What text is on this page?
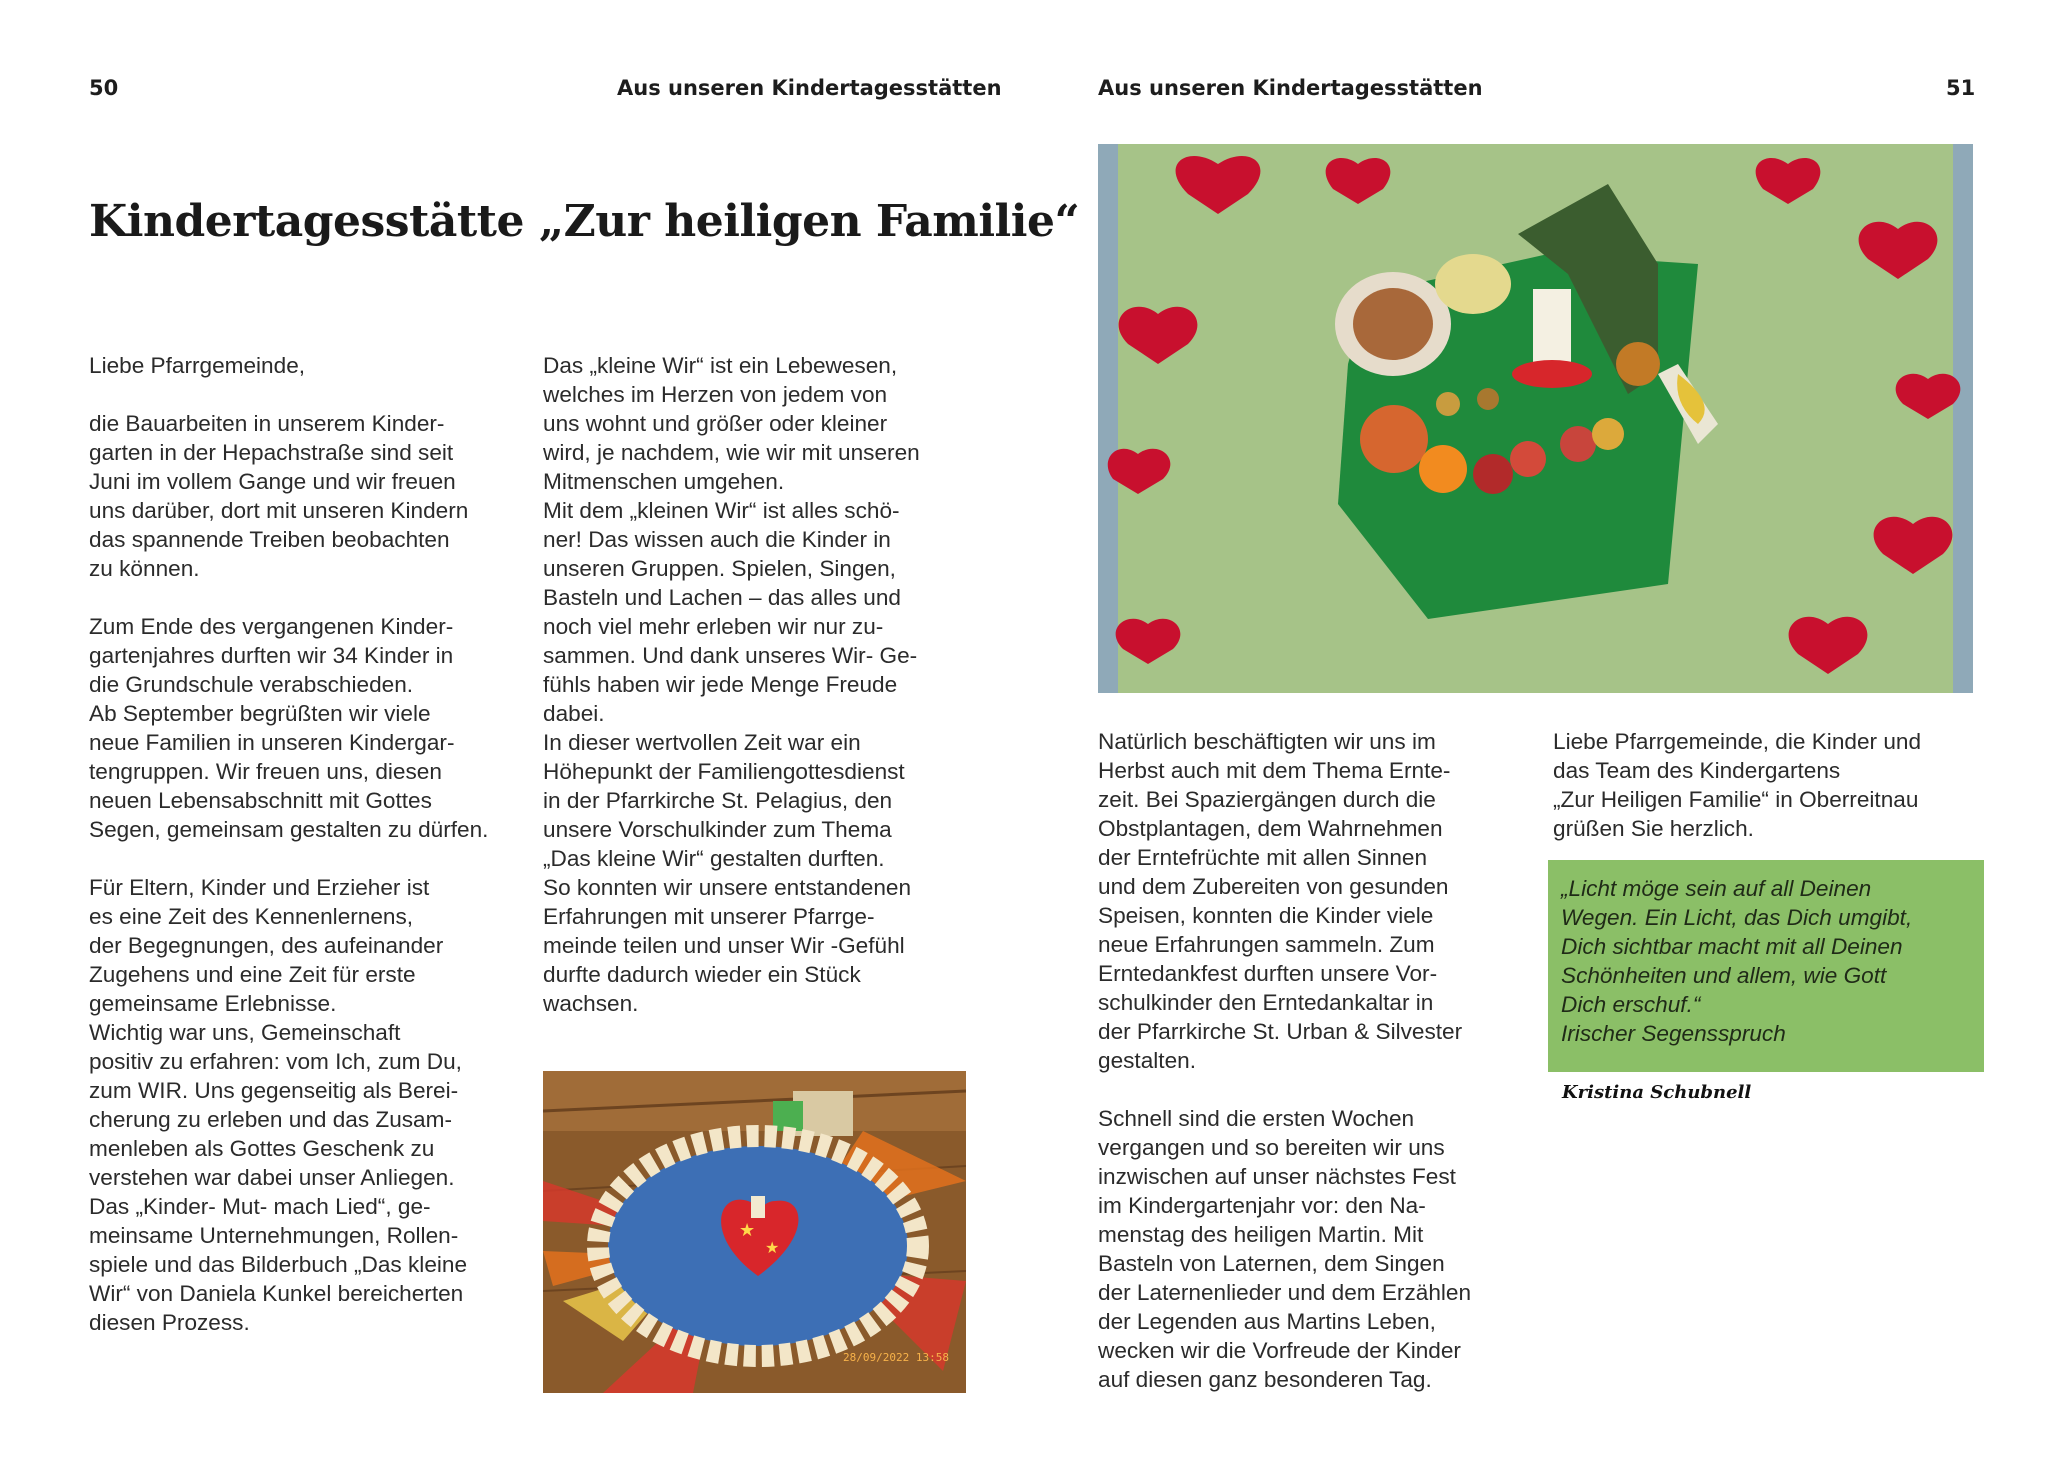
50	Aus unseren Kindertagesstätten	Aus unseren Kindertagesstätten	51
Kindertagesstätte „Zur heiligen Familie“

Liebe Pfarrgemeinde,

die Bauarbeiten in unserem Kinder-

garten in der Hepachstraße sind seit

Juni im vollem Gange und wir freuen

uns darüber, dort mit unseren Kindern

das spannende Treiben beobachten

zu können.

Zum Ende des vergangenen Kinder-

gartenjahres durften wir 34 Kinder in

die Grundschule verabschieden.

Ab September begrüßten wir viele

neue Familien in unseren Kindergar-

tengruppen. Wir freuen uns, diesen

neuen Lebensabschnitt mit Gottes

Segen, gemeinsam gestalten zu dürfen.

Für Eltern, Kinder und Erzieher ist

es eine Zeit des Kennenlernens,

der Begegnungen, des aufeinander

Zugehens und eine Zeit für erste

gemeinsame Erlebnisse.

Wichtig war uns, Gemeinschaft

positiv zu erfahren: vom Ich, zum Du,

zum WIR. Uns gegenseitig als Berei-

cherung zu erleben und das Zusam-

menleben als Gottes Geschenk zu

verstehen war dabei unser Anliegen.

Das „Kinder- Mut- mach Lied“, ge-

meinsame Unternehmungen, Rollen-

spiele und das Bilderbuch „Das kleine

Wir“ von Daniela Kunkel bereicherten

diesen Prozess.

Das „kleine Wir“ ist ein Lebewesen,

welches im Herzen von jedem von

uns wohnt und größer oder kleiner

wird, je nachdem, wie wir mit unseren

Mitmenschen umgehen.

Mit dem „kleinen Wir“ ist alles schö-

ner! Das wissen auch die Kinder in

unseren Gruppen. Spielen, Singen,

Basteln und Lachen – das alles und

noch viel mehr erleben wir nur zu-

sammen. Und dank unseres Wir- Ge-

fühls haben wir jede Menge Freude

dabei.

In dieser wertvollen Zeit war ein

Höhepunkt der Familiengottesdienst

in der Pfarrkirche St. Pelagius, den

unsere Vorschulkinder zum Thema

„Das kleine Wir“ gestalten durften.

So konnten wir unsere entstandenen

Erfahrungen mit unserer Pfarrge-

meinde teilen und unser Wir -Gefühl

durfte dadurch wieder ein Stück

wachsen.

★
★
28/09/2022 13:58

Natürlich beschäftigten wir uns im

Herbst auch mit dem Thema Ernte-

zeit. Bei Spaziergängen durch die

Obstplantagen, dem Wahrnehmen

der Erntefrüchte mit allen Sinnen

und dem Zubereiten von gesunden

Speisen, konnten die Kinder viele

neue Erfahrungen sammeln. Zum

Erntedankfest durften unsere Vor-

schulkinder den Erntedankaltar in

der Pfarrkirche St. Urban & Silvester

gestalten.

Schnell sind die ersten Wochen

vergangen und so bereiten wir uns

inzwischen auf unser nächstes Fest

im Kindergartenjahr vor: den Na-

menstag des heiligen Martin. Mit

Basteln von Laternen, dem Singen

der Laternenlieder und dem Erzählen

der Legenden aus Martins Leben,

wecken wir die Vorfreude der Kinder

auf diesen ganz besonderen Tag.

Liebe Pfarrgemeinde, die Kinder und

das Team des Kindergartens

„Zur Heiligen Familie“ in Oberreitnau

grüßen Sie herzlich.

„Licht möge sein auf all Deinen

Wegen. Ein Licht, das Dich umgibt,

Dich sichtbar macht mit all Deinen

Schönheiten und allem, wie Gott

Dich erschuf.“

Irischer Segensspruch

Kristina Schubnell
